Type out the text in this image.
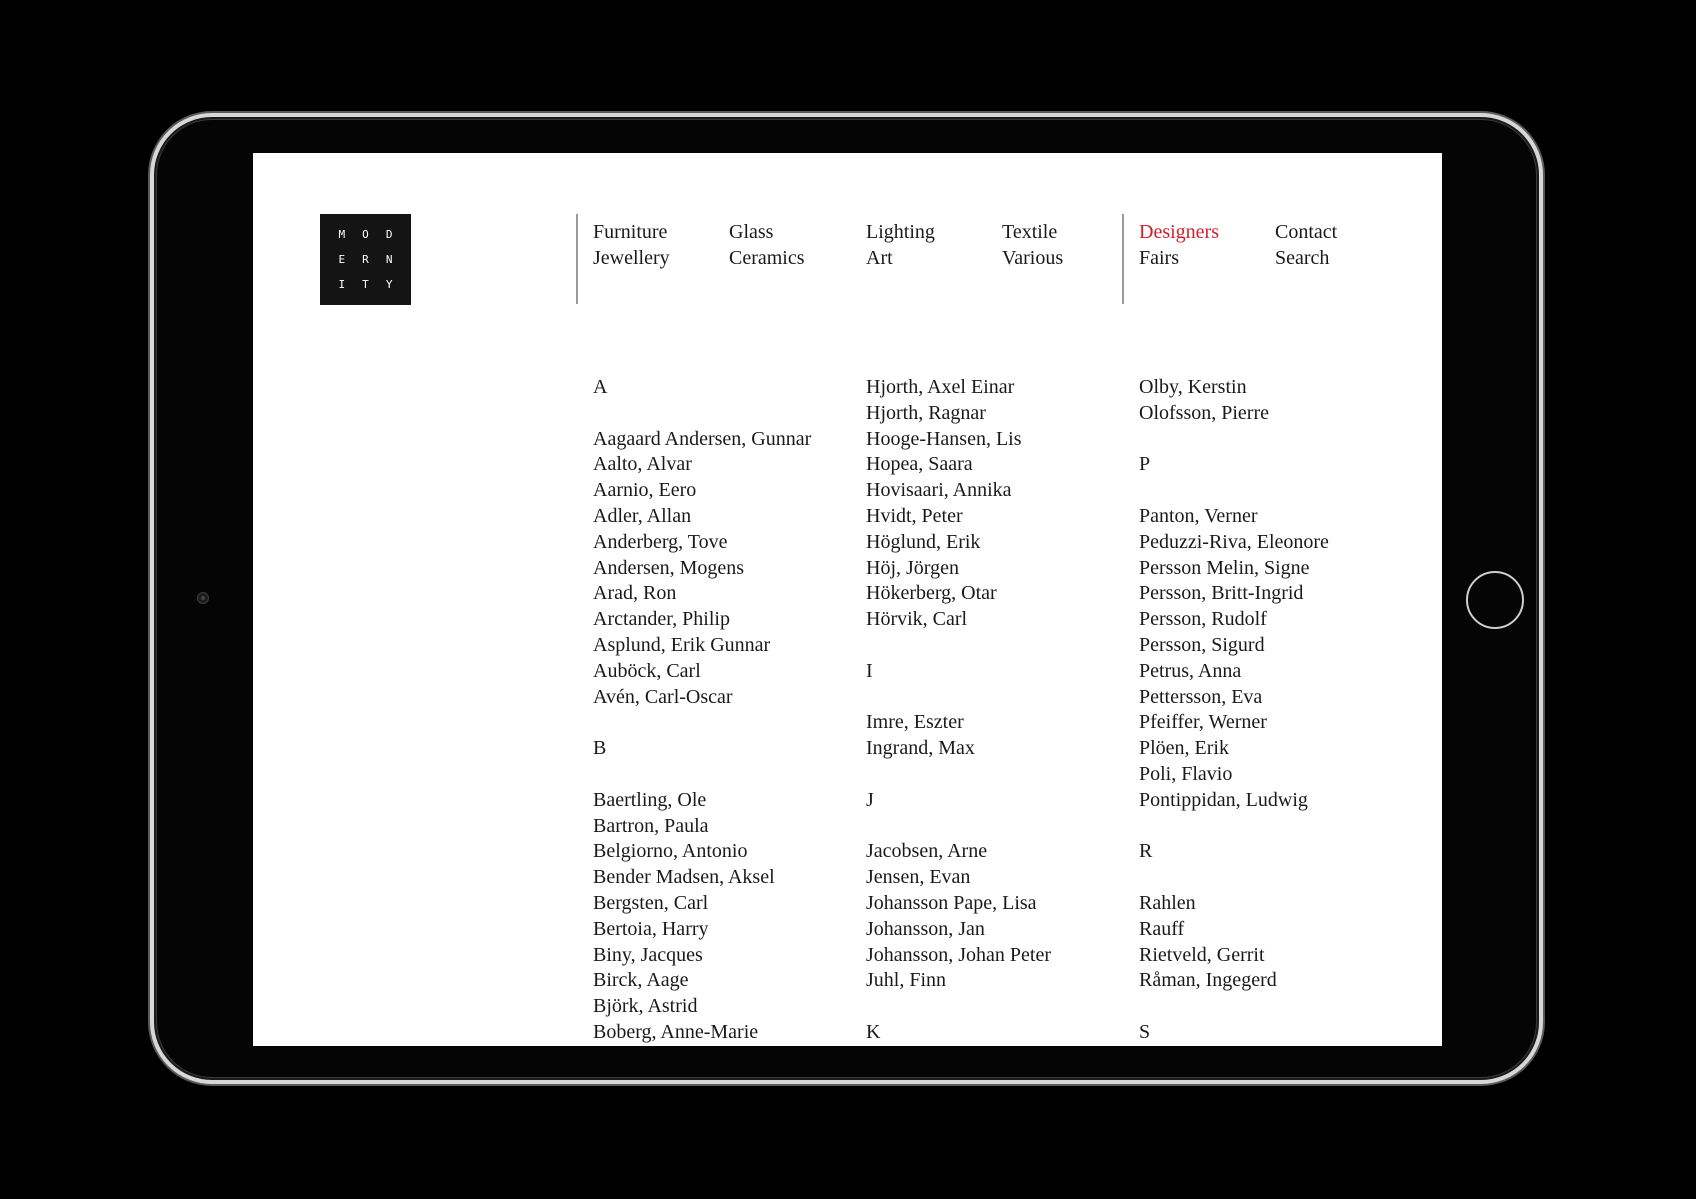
M	O	D
E	R	N
I	T	Y
Furniture
Jewellery
Glass
Ceramics
Lighting
Art
Textile
Various
Designers
Fairs
Contact
Search
A
Aagaard Andersen, Gunnar
Aalto, Alvar
Aarnio, Eero
Adler, Allan
Anderberg, Tove
Andersen, Mogens
Arad, Ron
Arctander, Philip
Asplund, Erik Gunnar
Auböck, Carl
Avén, Carl-Oscar
B
Baertling, Ole
Bartron, Paula
Belgiorno, Antonio
Bender Madsen, Aksel
Bergsten, Carl
Bertoia, Harry
Biny, Jacques
Birck, Aage
Björk, Astrid
Boberg, Anne-Marie
Hjorth, Axel Einar
Hjorth, Ragnar
Hooge-Hansen, Lis
Hopea, Saara
Hovisaari, Annika
Hvidt, Peter
Höglund, Erik
Höj, Jörgen
Hökerberg, Otar
Hörvik, Carl
I
Imre, Eszter
Ingrand, Max
J
Jacobsen, Arne
Jensen, Evan
Johansson Pape, Lisa
Johansson, Jan
Johansson, Johan Peter
Juhl, Finn
K
Olby, Kerstin
Olofsson, Pierre
P
Panton, Verner
Peduzzi-Riva, Eleonore
Persson Melin, Signe
Persson, Britt-Ingrid
Persson, Rudolf
Persson, Sigurd
Petrus, Anna
Pettersson, Eva
Pfeiffer, Werner
Plöen, Erik
Poli, Flavio
Pontippidan, Ludwig
R
Rahlen
Rauff
Rietveld, Gerrit
Råman, Ingegerd
S
